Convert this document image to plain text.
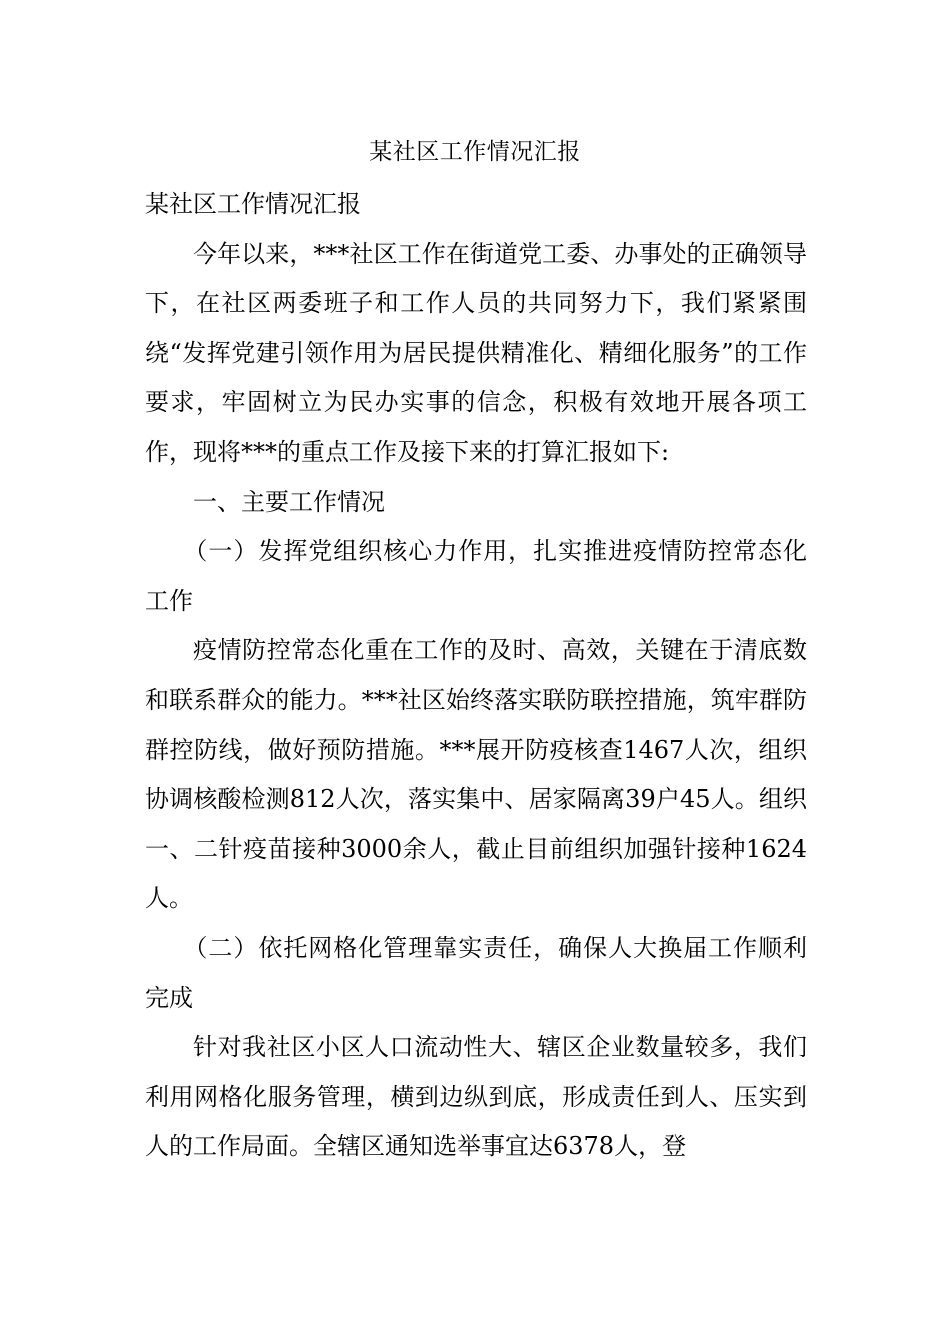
某社区工作情况汇报

某社区工作情况汇报

今年以来，***社区工作在街道党工委、办事处的正确领导下，在社区两委班子和工作人员的共同努力下，我们紧紧围绕“发挥党建引领作用为居民提供精准化、精细化服务”的工作要求，牢固树立为民办实事的信念，积极有效地开展各项工作，现将***的重点工作及接下来的打算汇报如下:

一、主要工作情况

（一）发挥党组织核心力作用，扎实推进疫情防控常态化工作

疫情防控常态化重在工作的及时、高效，关键在于清底数和联系群众的能力。***社区始终落实联防联控措施，筑牢群防群控防线，做好预防措施。***展开防疫核查1467人次，组织协调核酸检测812人次，落实集中、居家隔离39户45人。组织一、二针疫苗接种3000余人，截止目前组织加强针接种1624人。

（二）依托网格化管理靠实责任，确保人大换届工作顺利完成

针对我社区小区人口流动性大、辖区企业数量较多，我们利用网格化服务管理，横到边纵到底，形成责任到人、压实到人的工作局面。全辖区通知选举事宜达6378人，登
